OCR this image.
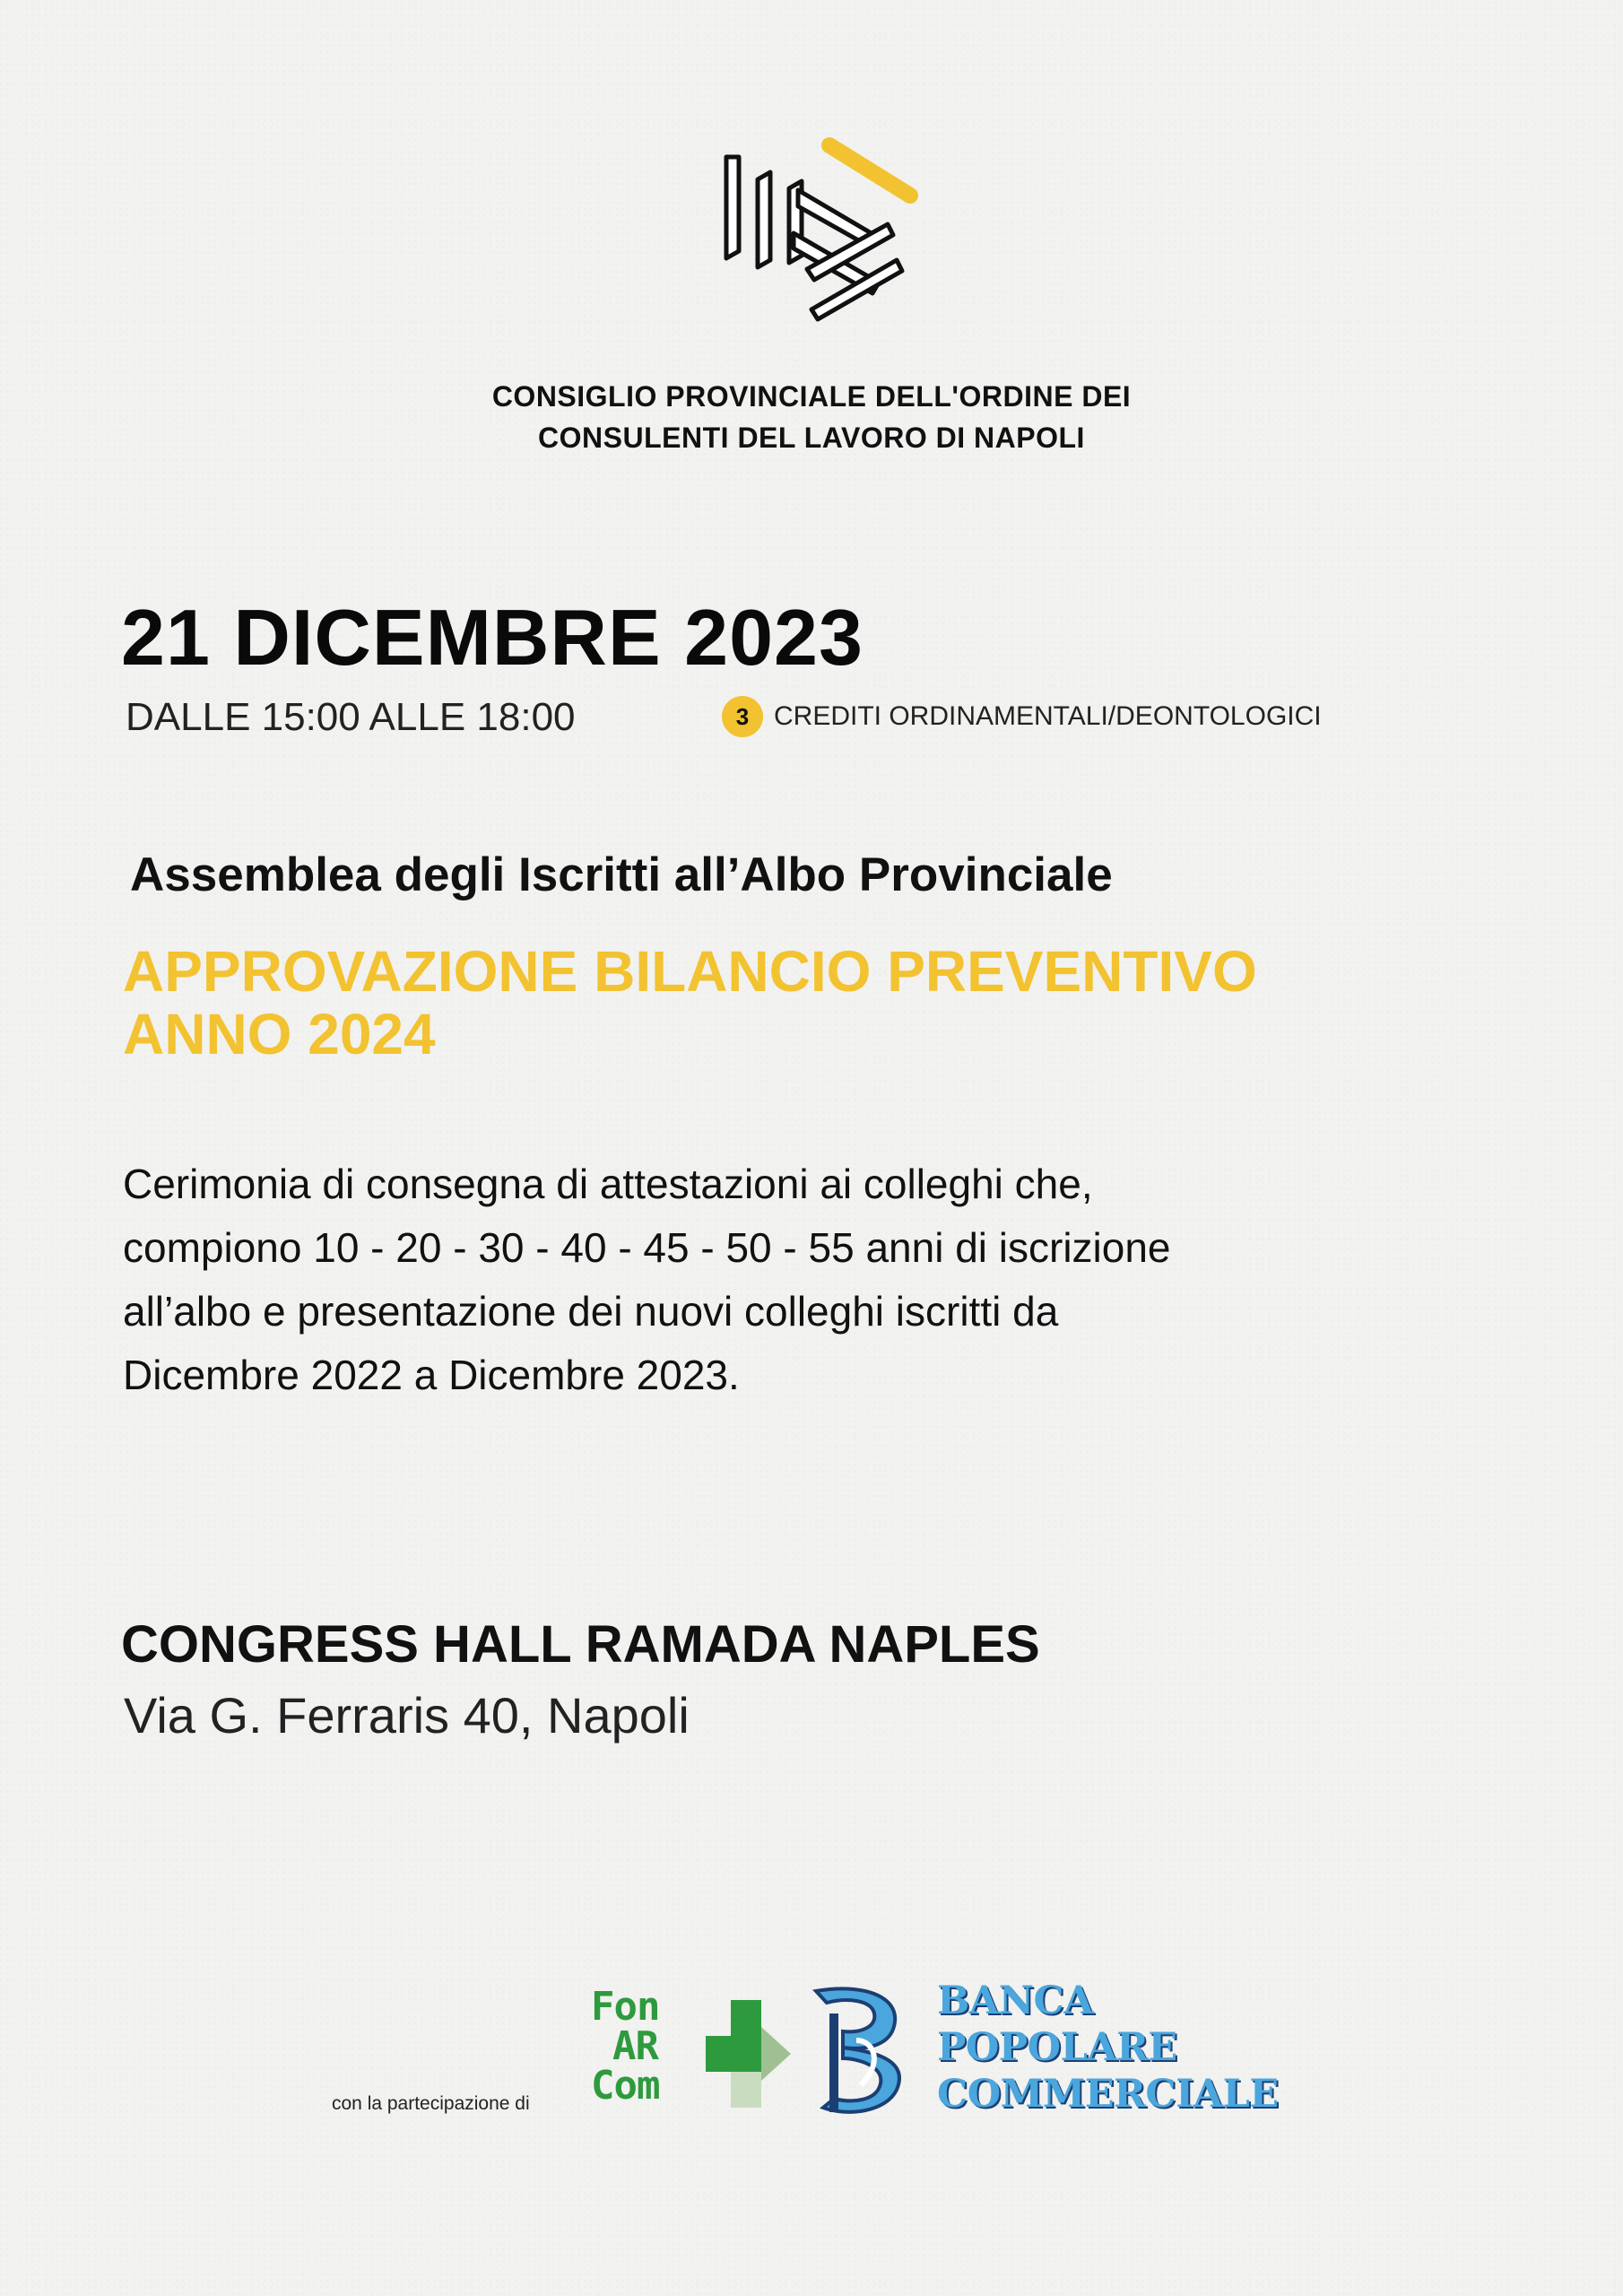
CONSIGLIO PROVINCIALE DELL'ORDINE DEI
CONSULENTI DEL LAVORO DI NAPOLI
21 DICEMBRE 2023
DALLE 15:00 ALLE 18:00	3 CREDITI ORDINAMENTALI/DEONTOLOGICI
Assemblea degli Iscritti all’Albo Provinciale
APPROVAZIONE BILANCIO PREVENTIVO
ANNO 2024
Cerimonia di consegna di attestazioni ai colleghi che,
compiono 10 - 20 - 30 - 40 - 45 - 50 - 55 anni di iscrizione
all’albo e presentazione dei nuovi colleghi iscritti da
Dicembre 2022 a Dicembre 2023.
CONGRESS HALL RAMADA NAPLES
Via G. Ferraris 40, Napoli
con la partecipazione di
Fon
AR
Com
BANCA
POPOLARE
COMMERCIALE
